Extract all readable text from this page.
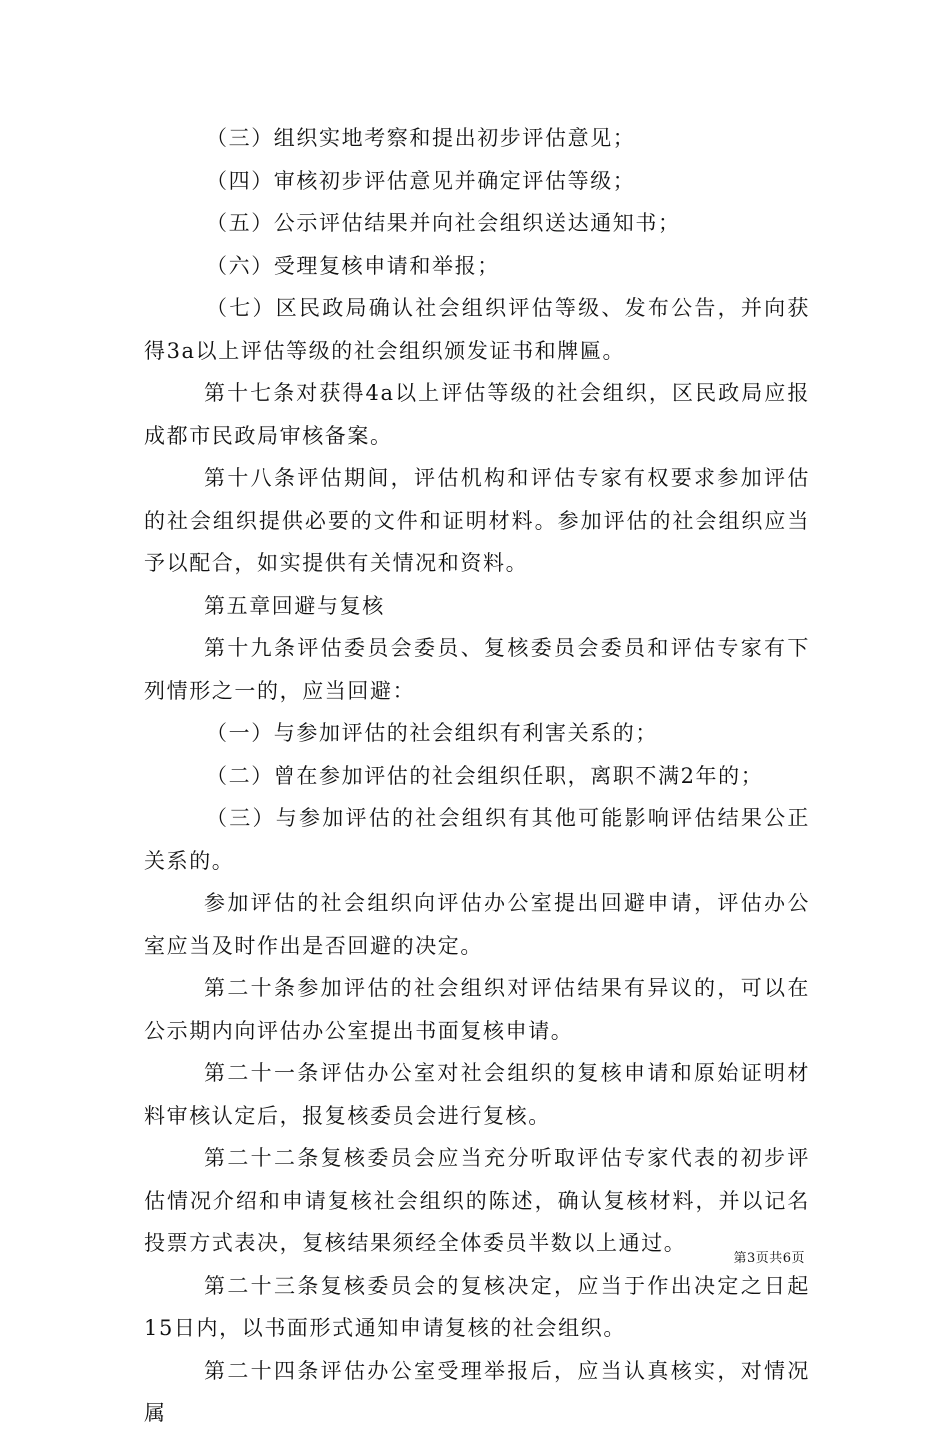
（三）组织实地考察和提出初步评估意见；

（四）审核初步评估意见并确定评估等级；

（五）公示评估结果并向社会组织送达通知书；

（六）受理复核申请和举报；

（七）区民政局确认社会组织评估等级、发布公告，并向获得3a以上评估等级的社会组织颁发证书和牌匾。

第十七条对获得4a以上评估等级的社会组织，区民政局应报成都市民政局审核备案。

第十八条评估期间，评估机构和评估专家有权要求参加评估的社会组织提供必要的文件和证明材料。参加评估的社会组织应当予以配合，如实提供有关情况和资料。

第五章回避与复核

第十九条评估委员会委员、复核委员会委员和评估专家有下列情形之一的，应当回避：

（一）与参加评估的社会组织有利害关系的；

（二）曾在参加评估的社会组织任职，离职不满2年的；

（三）与参加评估的社会组织有其他可能影响评估结果公正关系的。

参加评估的社会组织向评估办公室提出回避申请，评估办公室应当及时作出是否回避的决定。

第二十条参加评估的社会组织对评估结果有异议的，可以在公示期内向评估办公室提出书面复核申请。

第二十一条评估办公室对社会组织的复核申请和原始证明材料审核认定后，报复核委员会进行复核。

第二十二条复核委员会应当充分听取评估专家代表的初步评估情况介绍和申请复核社会组织的陈述，确认复核材料，并以记名投票方式表决，复核结果须经全体委员半数以上通过。

第二十三条复核委员会的复核决定，应当于作出决定之日起15日内，以书面形式通知申请复核的社会组织。

第二十四条评估办公室受理举报后，应当认真核实，对情况属

第3页共6页
